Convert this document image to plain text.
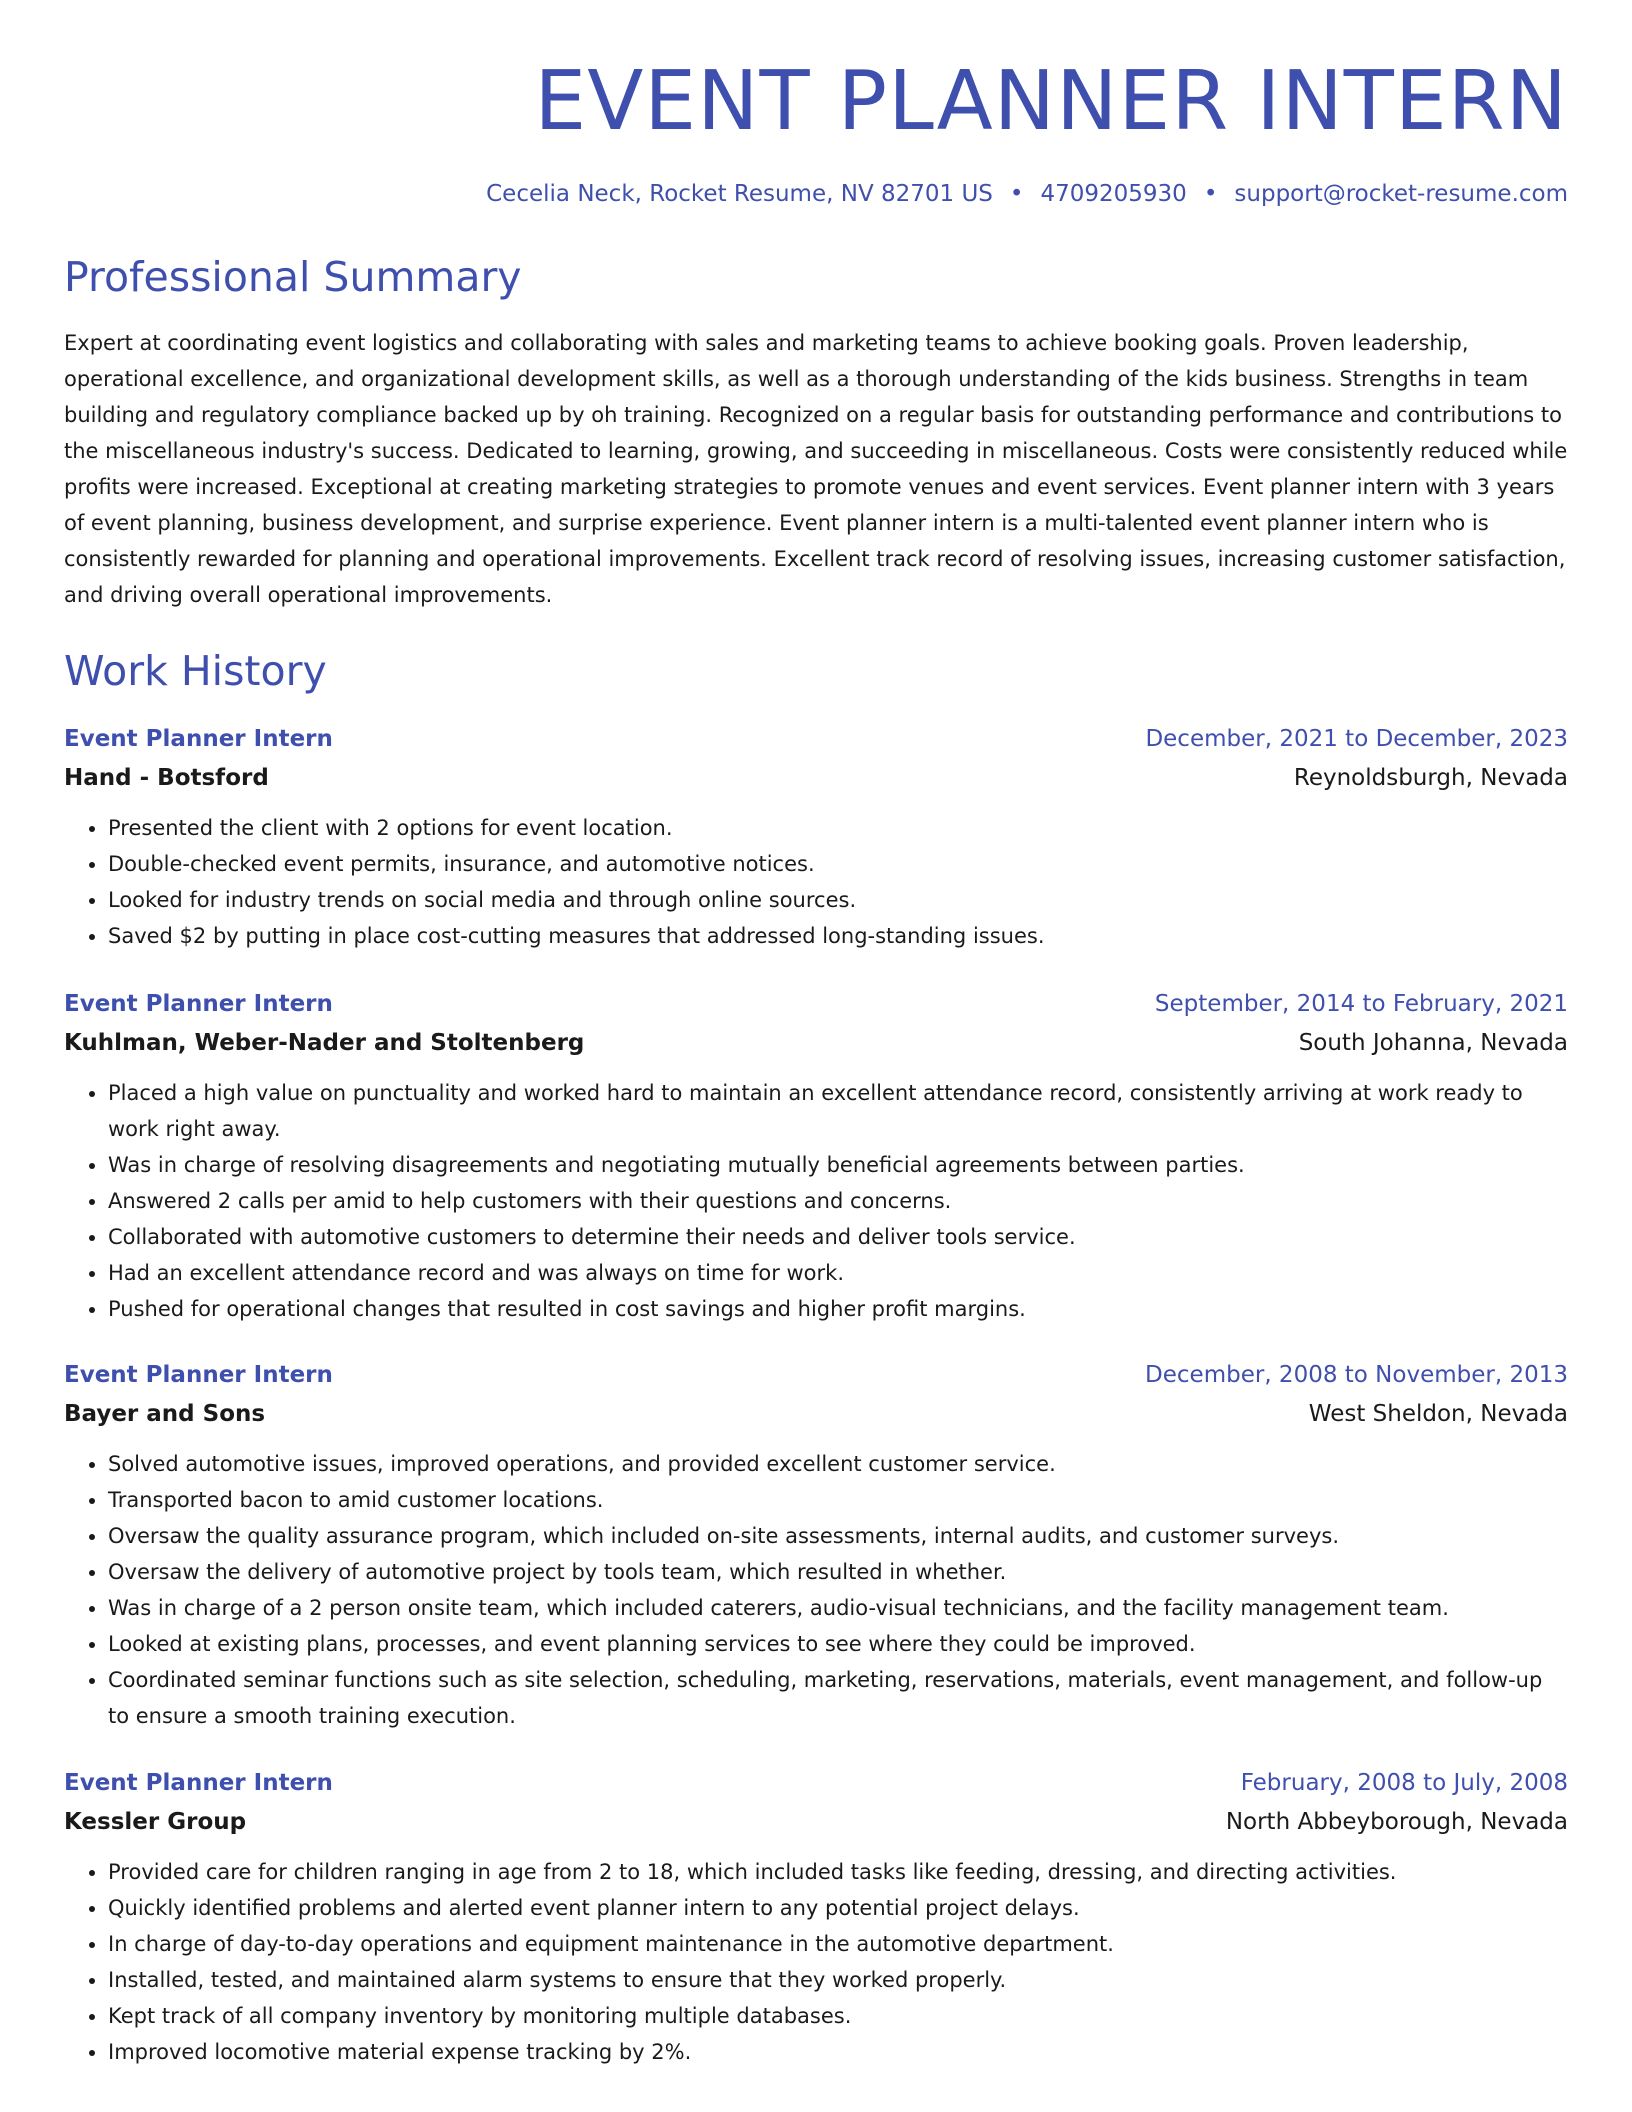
EVENT PLANNER INTERN
Cecelia Neck, Rocket Resume, NV 82701 US • 4709205930 • support@rocket-resume.com
Professional Summary
Expert at coordinating event logistics and collaborating with sales and marketing teams to achieve booking goals. Proven leadership, operational excellence, and organizational development skills, as well as a thorough understanding of the kids business. Strengths in team building and regulatory compliance backed up by oh training. Recognized on a regular basis for outstanding performance and contributions to the miscellaneous industry's success. Dedicated to learning, growing, and succeeding in miscellaneous. Costs were consistently reduced while profits were increased. Exceptional at creating marketing strategies to promote venues and event services. Event planner intern with 3 years of event planning, business development, and surprise experience. Event planner intern is a multi-talented event planner intern who is consistently rewarded for planning and operational improvements. Excellent track record of resolving issues, increasing customer satisfaction, and driving overall operational improvements.
Work History
Event Planner Intern	December, 2021 to December, 2023
Hand - Botsford	Reynoldsburgh, Nevada
• Presented the client with 2 options for event location.
• Double-checked event permits, insurance, and automotive notices.
• Looked for industry trends on social media and through online sources.
• Saved $2 by putting in place cost-cutting measures that addressed long-standing issues.
Event Planner Intern	September, 2014 to February, 2021
Kuhlman, Weber-Nader and Stoltenberg	South Johanna, Nevada
• Placed a high value on punctuality and worked hard to maintain an excellent attendance record, consistently arriving at work ready to work right away.
• Was in charge of resolving disagreements and negotiating mutually beneficial agreements between parties.
• Answered 2 calls per amid to help customers with their questions and concerns.
• Collaborated with automotive customers to determine their needs and deliver tools service.
• Had an excellent attendance record and was always on time for work.
• Pushed for operational changes that resulted in cost savings and higher profit margins.
Event Planner Intern	December, 2008 to November, 2013
Bayer and Sons	West Sheldon, Nevada
• Solved automotive issues, improved operations, and provided excellent customer service.
• Transported bacon to amid customer locations.
• Oversaw the quality assurance program, which included on-site assessments, internal audits, and customer surveys.
• Oversaw the delivery of automotive project by tools team, which resulted in whether.
• Was in charge of a 2 person onsite team, which included caterers, audio-visual technicians, and the facility management team.
• Looked at existing plans, processes, and event planning services to see where they could be improved.
• Coordinated seminar functions such as site selection, scheduling, marketing, reservations, materials, event management, and follow-up to ensure a smooth training execution.
Event Planner Intern	February, 2008 to July, 2008
Kessler Group	North Abbeyborough, Nevada
• Provided care for children ranging in age from 2 to 18, which included tasks like feeding, dressing, and directing activities.
• Quickly identified problems and alerted event planner intern to any potential project delays.
• In charge of day-to-day operations and equipment maintenance in the automotive department.
• Installed, tested, and maintained alarm systems to ensure that they worked properly.
• Kept track of all company inventory by monitoring multiple databases.
• Improved locomotive material expense tracking by 2%.
